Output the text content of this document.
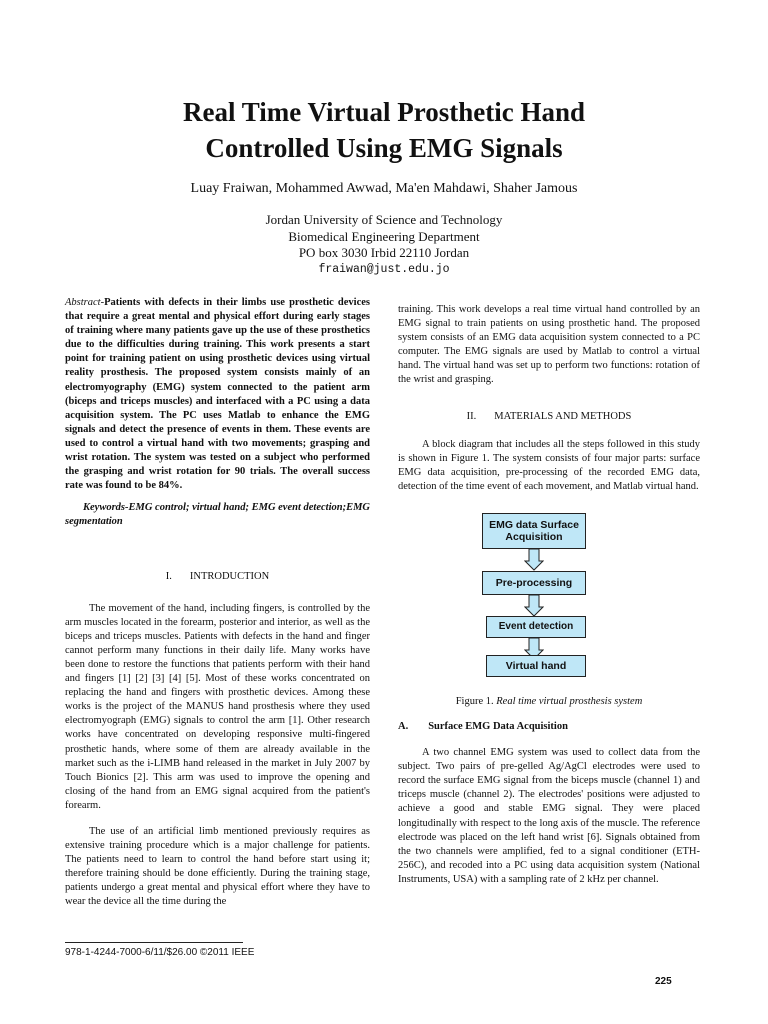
Real Time Virtual Prosthetic Hand
Controlled Using EMG Signals
Luay Fraiwan, Mohammed Awwad, Ma'en Mahdawi, Shaher Jamous
Jordan University of Science and Technology
Biomedical Engineering Department
PO box 3030 Irbid 22110 Jordan
fraiwan@just.edu.jo

Abstract-Patients with defects in their limbs use prosthetic devices that require a great mental and physical effort during early stages of training where many patients gave up the use of these prosthetics due to the difficulties during training. This work presents a start point for training patient on using prosthetic devices using virtual reality prosthesis. The proposed system consists mainly of an electromyography (EMG) system connected to the patient arm (biceps and triceps muscles) and interfaced with a PC using a data acquisition system. The PC uses Matlab to enhance the EMG signals and detect the presence of events in them. These events are used to control a virtual hand with two movements; grasping and wrist rotation. The system was tested on a subject who performed the grasping and wrist rotation for 90 trials. The overall success rate was found to be 84%.

Keywords-EMG control; virtual hand; EMG event detection;EMG segmentation

I. INTRODUCTION

The movement of the hand, including fingers, is controlled by the arm muscles located in the forearm, posterior and interior, as well as the biceps and triceps muscles. Patients with defects in the hand and finger cannot perform many functions in their daily life. Many works have been done to restore the functions that patients perform with their hand and fingers [1] [2] [3] [4] [5]. Most of these works concentrated on replacing the hand and fingers with prosthetic devices. Among these works is the project of the MANUS hand prosthesis where they used electromyograph (EMG) signals to control the arm [1]. Other research works have concentrated on developing responsive multi-fingered prosthetic hands, where some of them are already available in the market such as the i-LIMB hand released in the market in July 2007 by Touch Bionics [2]. This arm was used to improve the opening and closing of the hand from an EMG signal acquired from the patient's forearm.

The use of an artificial limb mentioned previously requires as extensive training procedure which is a major challenge for patients. The patients need to learn to control the hand before start using it; therefore training should be done efficiently. During the training stage, patients undergo a great mental and physical effort where they have to wear the device all the time during the

training. This work develops a real time virtual hand controlled by an EMG signal to train patients on using prosthetic hand. The proposed system consists of an EMG data acquisition system connected to a PC computer. The EMG signals are used by Matlab to control a virtual hand. The virtual hand was set up to perform two functions: rotation of the wrist and grasping.

II. MATERIALS AND METHODS

A block diagram that includes all the steps followed in this study is shown in Figure 1. The system consists of four major parts: surface EMG data acquisition, pre-processing of the recorded EMG data, detection of the time event of each movement, and Matlab virtual hand.

EMG data Surface Acquisition
Pre-processing
Event detection
Virtual hand
Figure 1. Real time virtual prosthesis system

A. Surface EMG Data Acquisition

A two channel EMG system was used to collect data from the subject. Two pairs of pre-gelled Ag/AgCl electrodes were used to record the surface EMG signal from the biceps muscle (channel 1) and triceps muscle (channel 2). The electrodes' positions were adjusted to achieve a good and stable EMG signal. They were placed longitudinally with respect to the long axis of the muscle. The reference electrode was placed on the left hand wrist [6]. Signals obtained from the two channels were amplified, fed to a signal conditioner (ETH-256C), and recoded into a PC using data acquisition system (National Instruments, USA) with a sampling rate of 2 kHz per channel.

978-1-4244-7000-6/11/$26.00 ©2011 IEEE
225
